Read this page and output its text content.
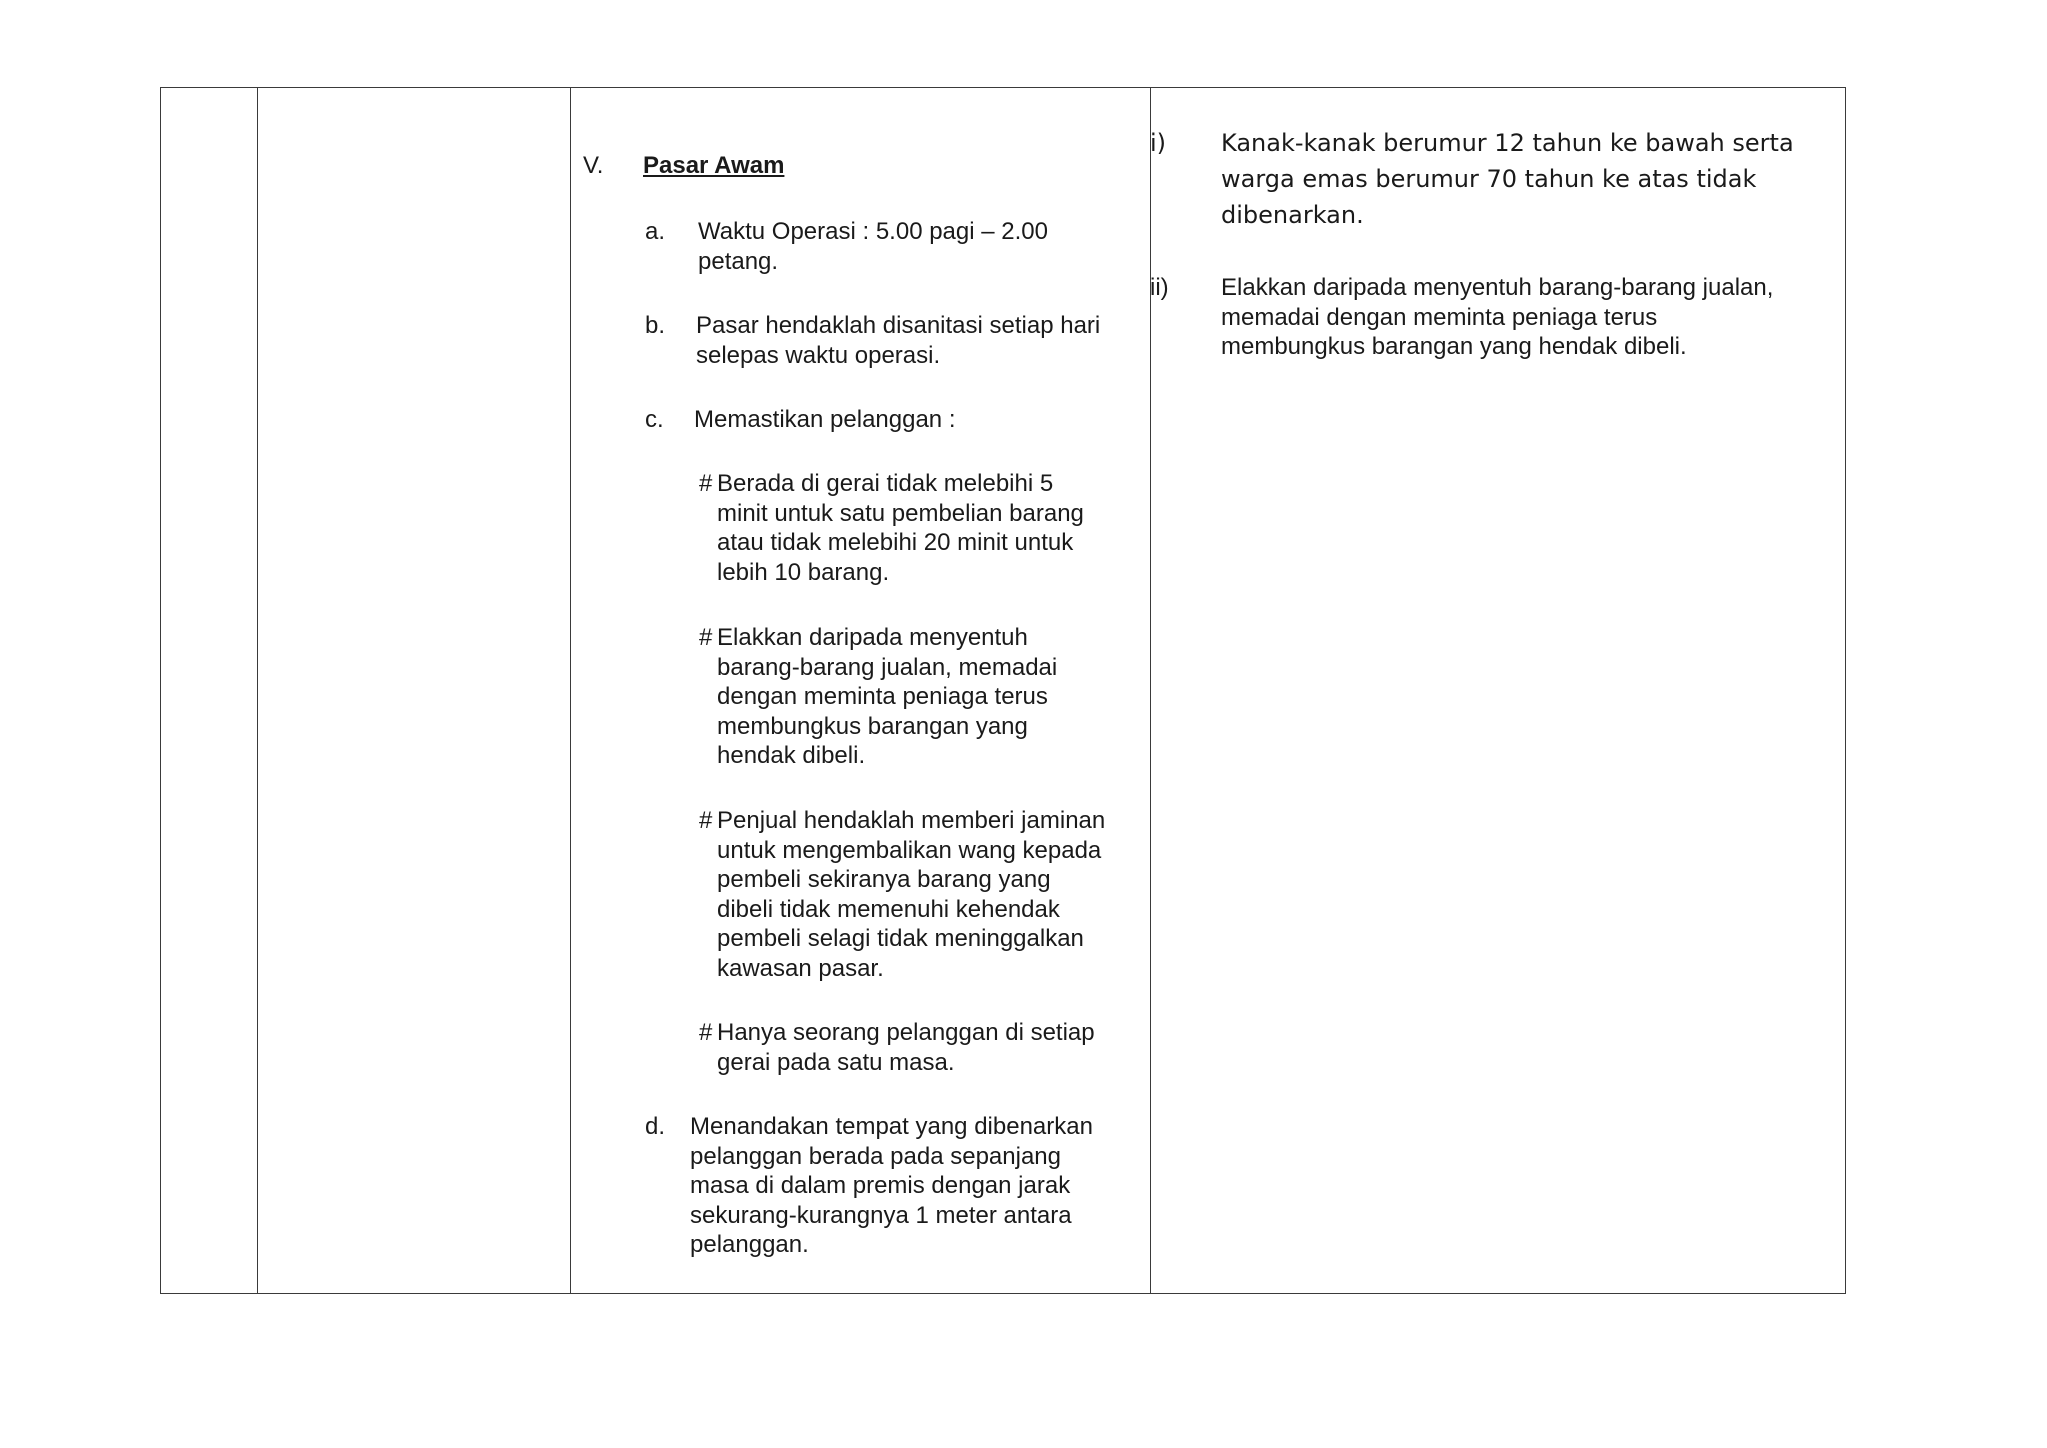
V. Pasar Awam
a. Waktu Operasi : 5.00 pagi – 2.00
petang.
b. Pasar hendaklah disanitasi setiap hari
selepas waktu operasi.
c. Memastikan pelanggan :
# Berada di gerai tidak melebihi 5
minit untuk satu pembelian barang
atau tidak melebihi 20 minit untuk
lebih 10 barang.
# Elakkan daripada menyentuh
barang-barang jualan, memadai
dengan meminta peniaga terus
membungkus barangan yang
hendak dibeli.
# Penjual hendaklah memberi jaminan
untuk mengembalikan wang kepada
pembeli sekiranya barang yang
dibeli tidak memenuhi kehendak
pembeli selagi tidak meninggalkan
kawasan pasar.
# Hanya seorang pelanggan di setiap
gerai pada satu masa.
d. Menandakan tempat yang dibenarkan
pelanggan berada pada sepanjang
masa di dalam premis dengan jarak
sekurang-kurangnya 1 meter antara
pelanggan.
i) Kanak-kanak berumur 12 tahun ke bawah serta
warga emas berumur 70 tahun ke atas tidak
dibenarkan.
ii) Elakkan daripada menyentuh barang-barang jualan,
memadai dengan meminta peniaga terus
membungkus barangan yang hendak dibeli.
